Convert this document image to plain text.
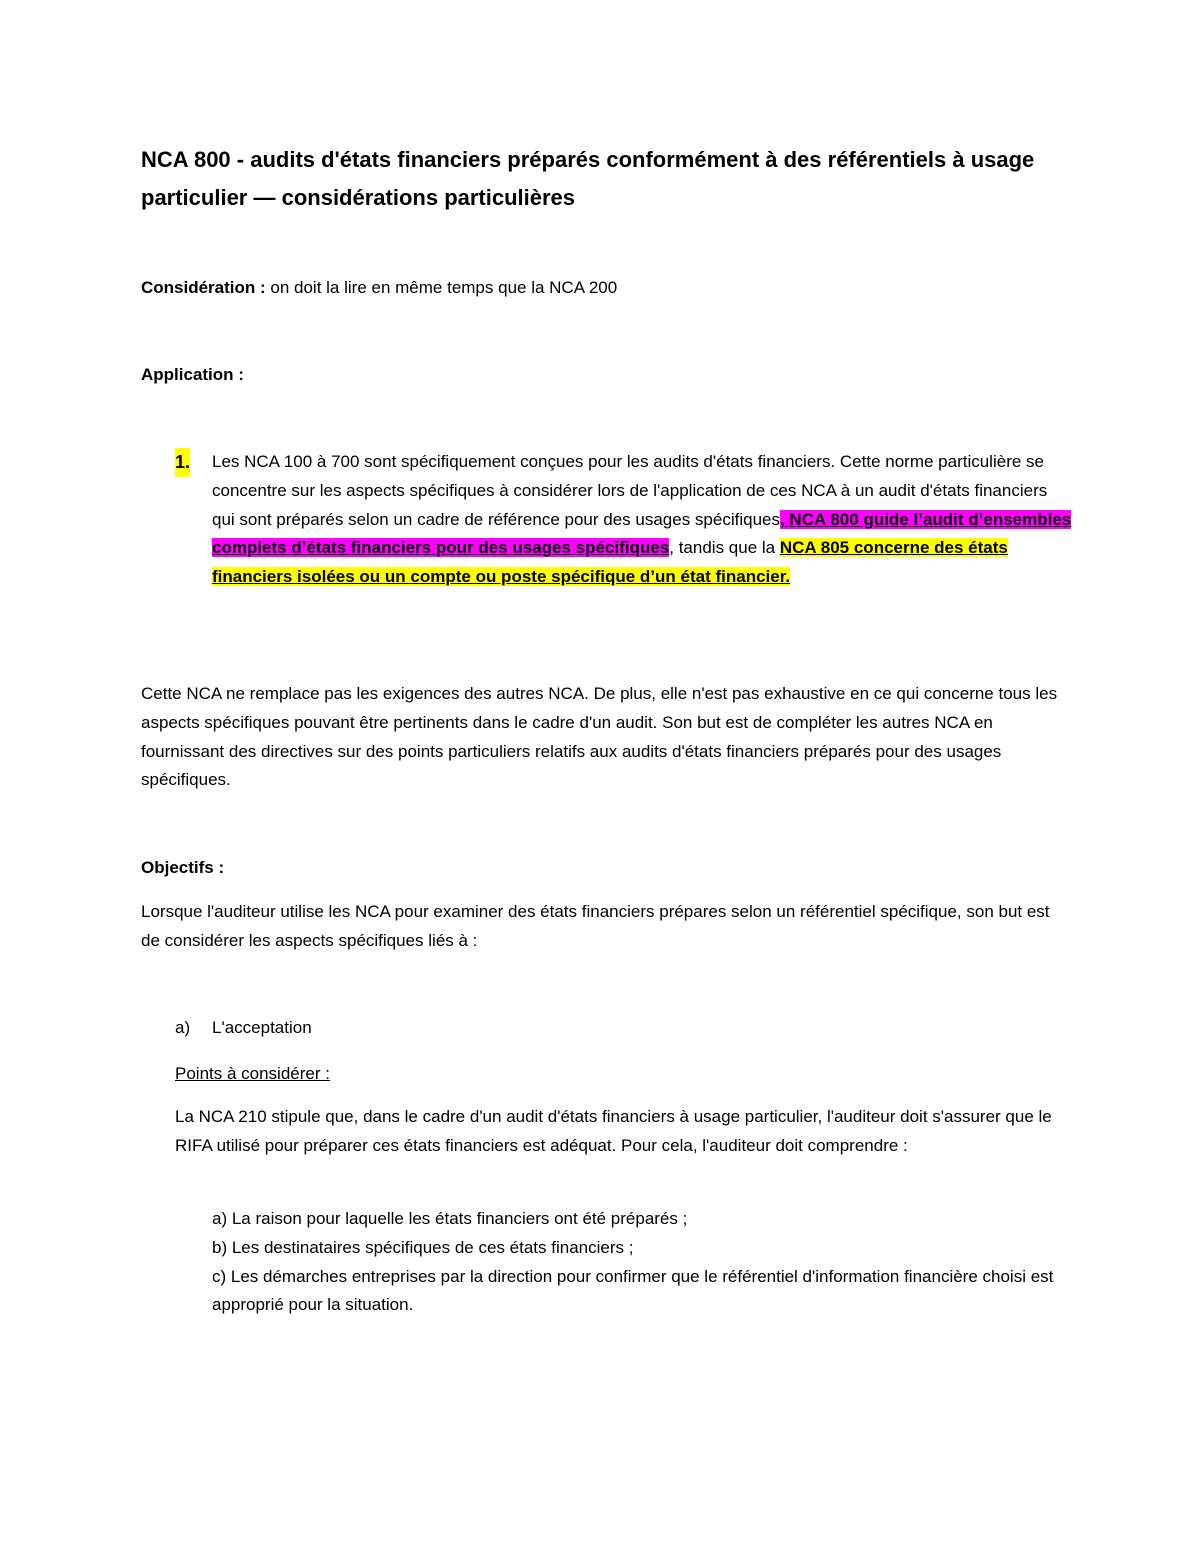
NCA 800 - audits d'états financiers préparés conformément à des référentiels à usage particulier — considérations particulières

Considération : on doit la lire en même temps que la NCA 200

Application :

1. Les NCA 100 à 700 sont spécifiquement conçues pour les audits d'états financiers. Cette norme particulière se concentre sur les aspects spécifiques à considérer lors de l'application de ces NCA à un audit d'états financiers qui sont préparés selon un cadre de référence pour des usages spécifiques, NCA 800 guide l’audit d’ensembles complets d’états financiers pour des usages spécifiques, tandis que la NCA 805 concerne des états financiers isolées ou un compte ou poste spécifique d’un état financier.

Cette NCA ne remplace pas les exigences des autres NCA. De plus, elle n'est pas exhaustive en ce qui concerne tous les aspects spécifiques pouvant être pertinents dans le cadre d'un audit. Son but est de compléter les autres NCA en fournissant des directives sur des points particuliers relatifs aux audits d'états financiers préparés pour des usages spécifiques.

Objectifs :

Lorsque l'auditeur utilise les NCA pour examiner des états financiers prépares selon un référentiel spécifique, son but est de considérer les aspects spécifiques liés à :

a) L'acceptation

Points à considérer :

La NCA 210 stipule que, dans le cadre d'un audit d'états financiers à usage particulier, l'auditeur doit s'assurer que le RIFA utilisé pour préparer ces états financiers est adéquat. Pour cela, l'auditeur doit comprendre :

a) La raison pour laquelle les états financiers ont été préparés ;

b) Les destinataires spécifiques de ces états financiers ;

c) Les démarches entreprises par la direction pour confirmer que le référentiel d'information financière choisi est approprié pour la situation.
